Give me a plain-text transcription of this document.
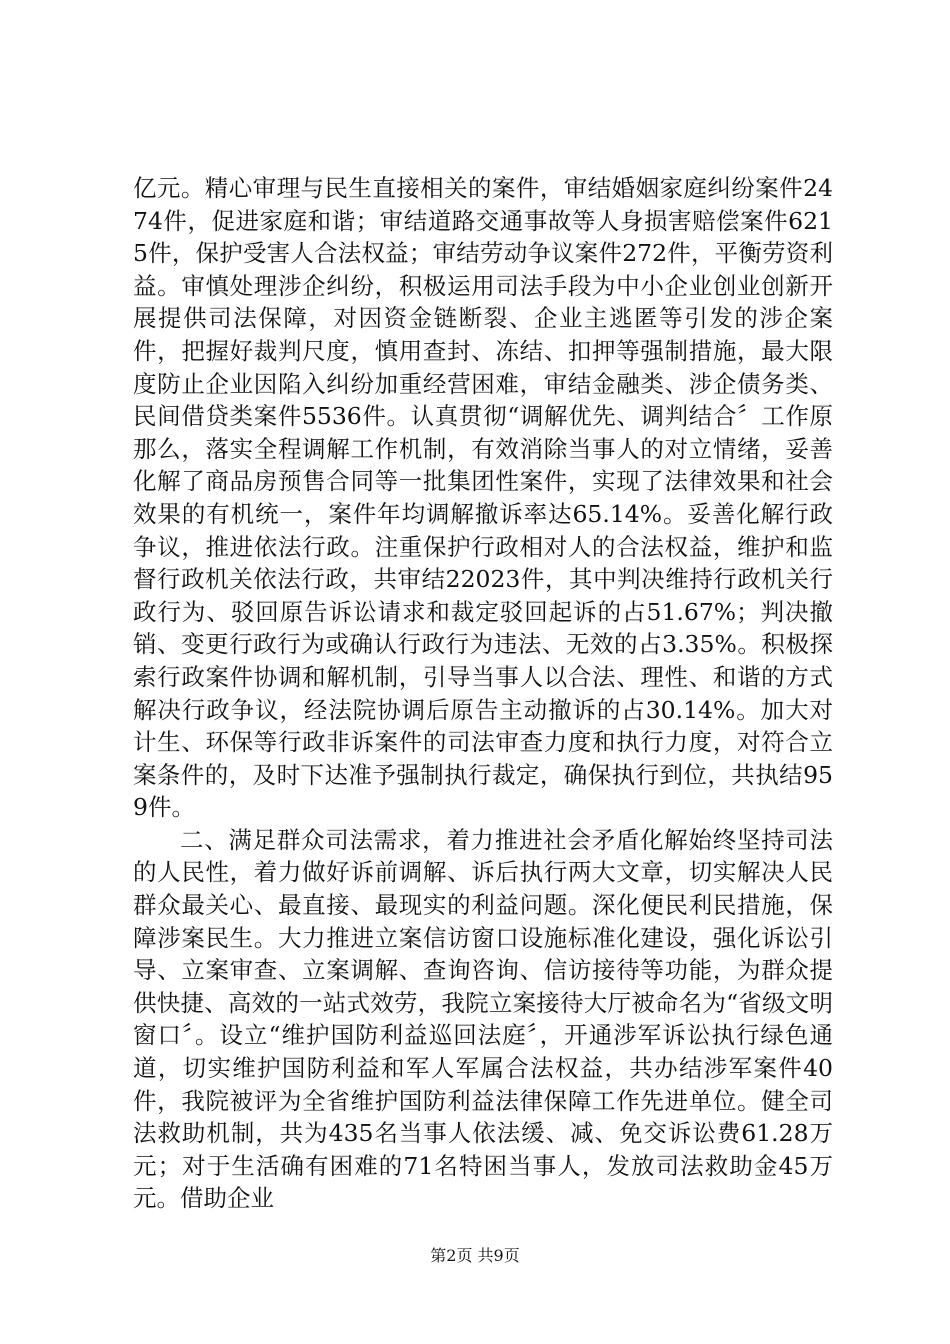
亿元。精心审理与民生直接相关的案件，审结婚姻家庭纠纷案件2474件，促进家庭和谐；审结道路交通事故等人身损害赔偿案件6215件，保护受害人合法权益；审结劳动争议案件272件，平衡劳资利益。审慎处理涉企纠纷，积极运用司法手段为中小企业创业创新开展提供司法保障，对因资金链断裂、企业主逃匿等引发的涉企案件，把握好裁判尺度，慎用查封、冻结、扣押等强制措施，最大限度防止企业因陷入纠纷加重经营困难，审结金融类、涉企债务类、民间借贷类案件5536件。认真贯彻“调解优先、调判结合〞工作原那么，落实全程调解工作机制，有效消除当事人的对立情绪，妥善化解了商品房预售合同等一批集团性案件，实现了法律效果和社会效果的有机统一，案件年均调解撤诉率达65.14%。妥善化解行政争议，推进依法行政。注重保护行政相对人的合法权益，维护和监督行政机关依法行政，共审结22023件，其中判决维持行政机关行政行为、驳回原告诉讼请求和裁定驳回起诉的占51.67%；判决撤销、变更行政行为或确认行政行为违法、无效的占3.35%。积极探索行政案件协调和解机制，引导当事人以合法、理性、和谐的方式解决行政争议，经法院协调后原告主动撤诉的占30.14%。加大对计生、环保等行政非诉案件的司法审查力度和执行力度，对符合立案条件的，及时下达准予强制执行裁定，确保执行到位，共执结959件。

二、满足群众司法需求，着力推进社会矛盾化解始终坚持司法的人民性，着力做好诉前调解、诉后执行两大文章，切实解决人民群众最关心、最直接、最现实的利益问题。深化便民利民措施，保障涉案民生。大力推进立案信访窗口设施标准化建设，强化诉讼引导、立案审查、立案调解、查询咨询、信访接待等功能，为群众提供快捷、高效的一站式效劳，我院立案接待大厅被命名为“省级文明窗口〞。设立“维护国防利益巡回法庭〞，开通涉军诉讼执行绿色通道，切实维护国防利益和军人军属合法权益，共办结涉军案件40件，我院被评为全省维护国防利益法律保障工作先进单位。健全司法救助机制，共为435名当事人依法缓、减、免交诉讼费61.28万元；对于生活确有困难的71名特困当事人，发放司法救助金45万元。借助企业

第2页 共9页
